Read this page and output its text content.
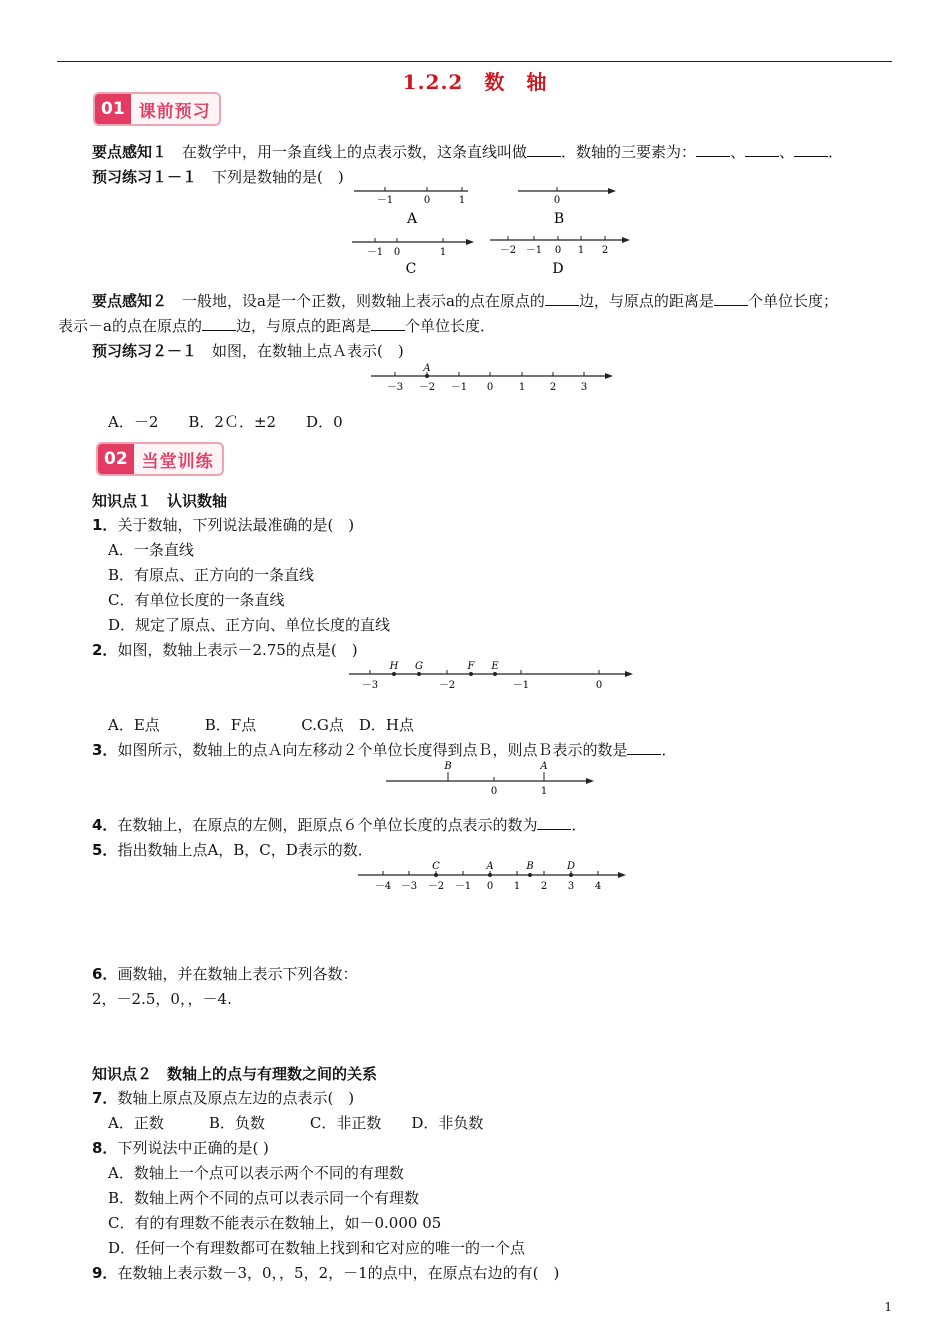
1.2.2　数　轴
01 课前预习
要点感知１　 在数学中，用一条直线上的点表示数，这条直线叫做 ．数轴的三要素为： 、 、 ．
预习练习１－１　 下列是数轴的是(　)
－1	0	1
A
0
B
－1 0	1
C
－2 －1 0 1 2
D
要点感知２　 一般地，设a是一个正数，则数轴上表示a的点在原点的 边，与原点的距离是 个单位长度；
表示－a的点在原点的 边，与原点的距离是 个单位长度．
预习练习２－１　 如图，在数轴上点Ａ表示(　)
A
－3 －2 －1 0	1 2 3
A．－2　　B．2Ｃ．±2　　D．0
02 当堂训练
知识点１　 认识数轴
1．关于数轴，下列说法最准确的是(　)
A．一条直线
B．有原点、正方向的一条直线
C．有单位长度的一条直线
D．规定了原点、正方向、单位长度的直线
2．如图，数轴上表示－2.75的点是(　)
H G	F E
－3	－2	－1	0
A．E点　　　B．F点　　　C.G点　D．H点
3．如图所示，数轴上的点Ａ向左移动２个单位长度得到点Ｂ，则点Ｂ表示的数是 ．
B	A
0	1
4．在数轴上，在原点的左侧，距原点６个单位长度的点表示的数为 ．
5．指出数轴上点A，B，C，D表示的数．
C	A	B	D
－4 －3 －2 －1 0 1 2 3 4
6．画数轴，并在数轴上表示下列各数：
2，－2.5，0，，－4.
知识点２　 数轴上的点与有理数之间的关系
7．数轴上原点及原点左边的点表示(　)
A．正数　　　B．负数　　　C．非正数　　D．非负数
8．下列说法中正确的是( )
A．数轴上一个点可以表示两个不同的有理数
B．数轴上两个不同的点可以表示同一个有理数
C．有的有理数不能表示在数轴上，如－0.000 05
D．任何一个有理数都可在数轴上找到和它对应的唯一的一个点
9．在数轴上表示数－3，0，，5，2，－1的点中，在原点右边的有(　)
1
